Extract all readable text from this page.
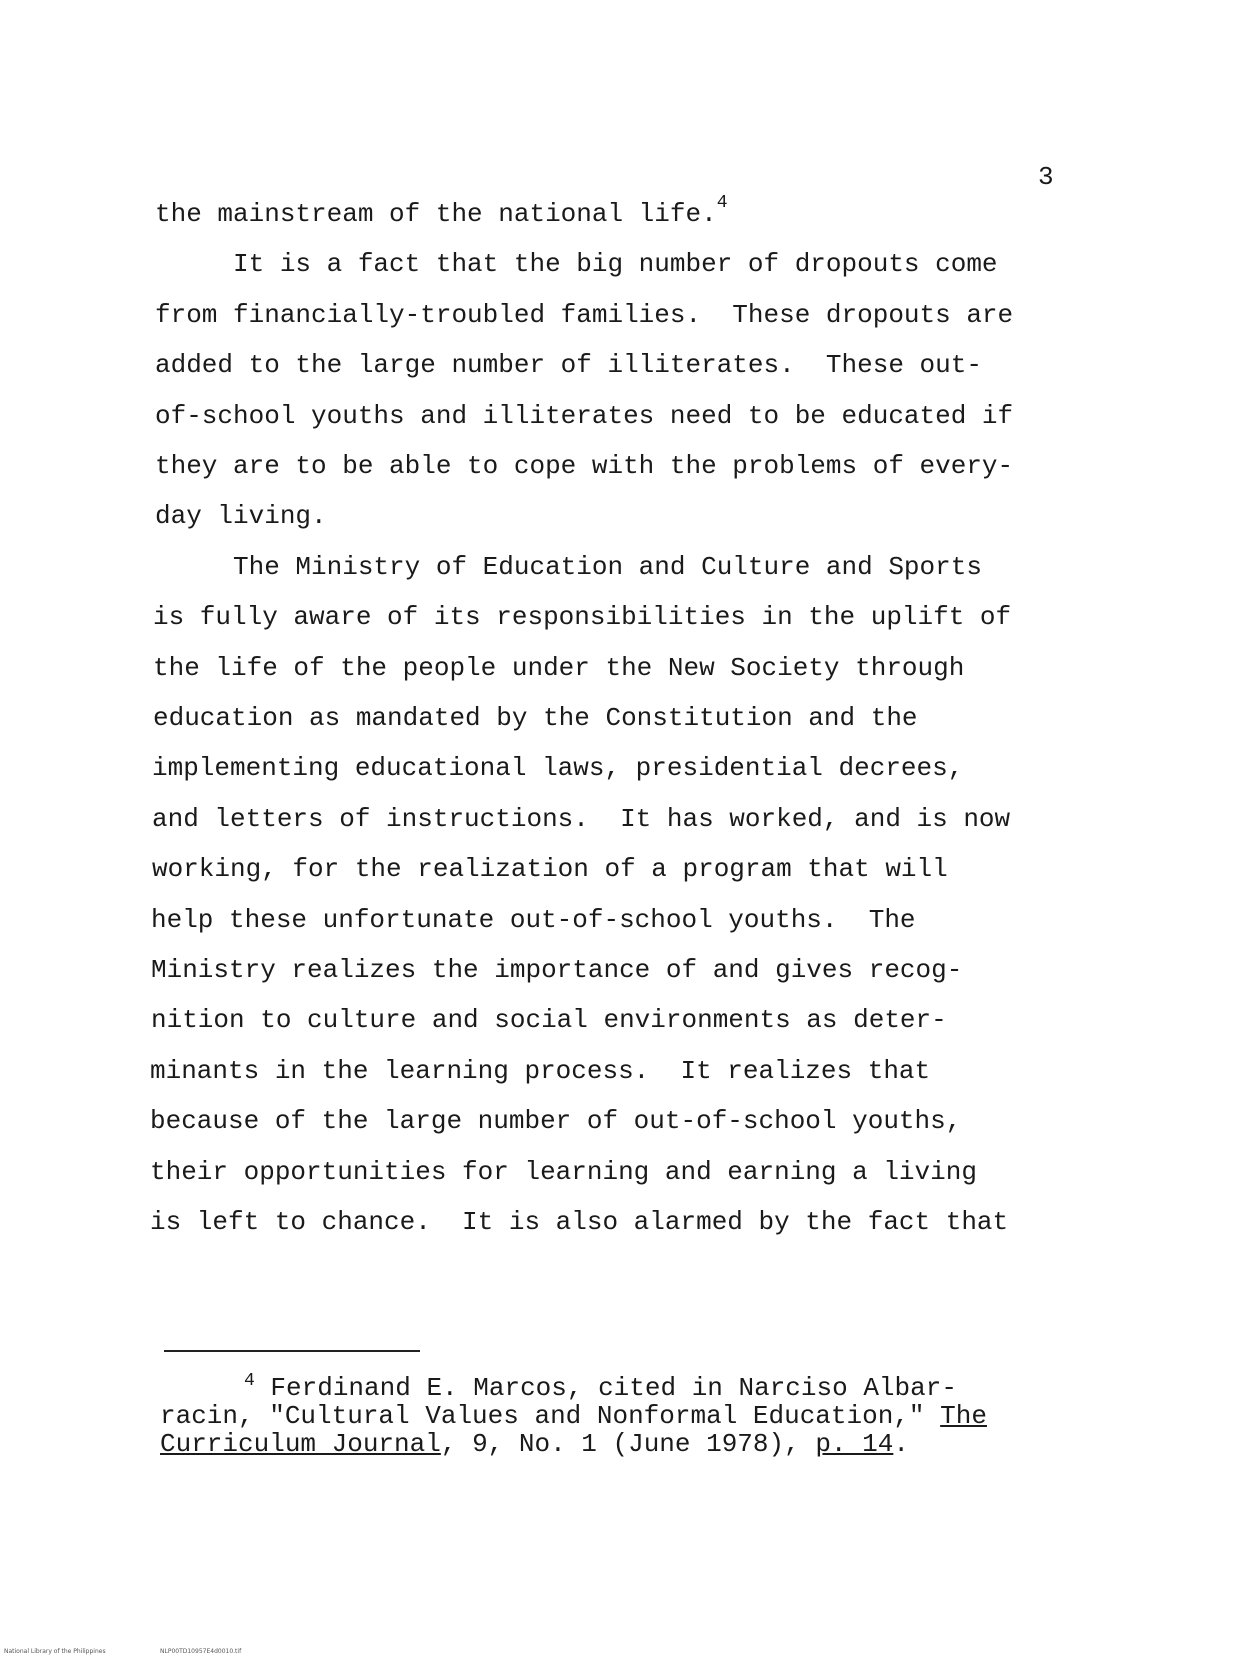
3
the mainstream of the national life.$^4$
It is a fact that the big number of dropouts come
from financially-troubled families.  These dropouts are
added to the large number of illiterates.  These out-
of-school youths and illiterates need to be educated if
they are to be able to cope with the problems of every-
day living.
The Ministry of Education and Culture and Sports
is fully aware of its responsibilities in the uplift of
the life of the people under the New Society through
education as mandated by the Constitution and the
implementing educational laws, presidential decrees,
and letters of instructions.  It has worked, and is now
working, for the realization of a program that will
help these unfortunate out-of-school youths.  The
Ministry realizes the importance of and gives recog-
nition to culture and social environments as deter-
minants in the learning process.  It realizes that
because of the large number of out-of-school youths,
their opportunities for learning and earning a living
is left to chance.  It is also alarmed by the fact that
$^4$ Ferdinand E. Marcos, cited in Narciso Albar-
racin, "Cultural Values and Nonformal Education," The
Curriculum Journal, 9, No. 1 (June 1978), p. 14.
National Library of the Philippines	NLP00TD10957E4d0010.tif
